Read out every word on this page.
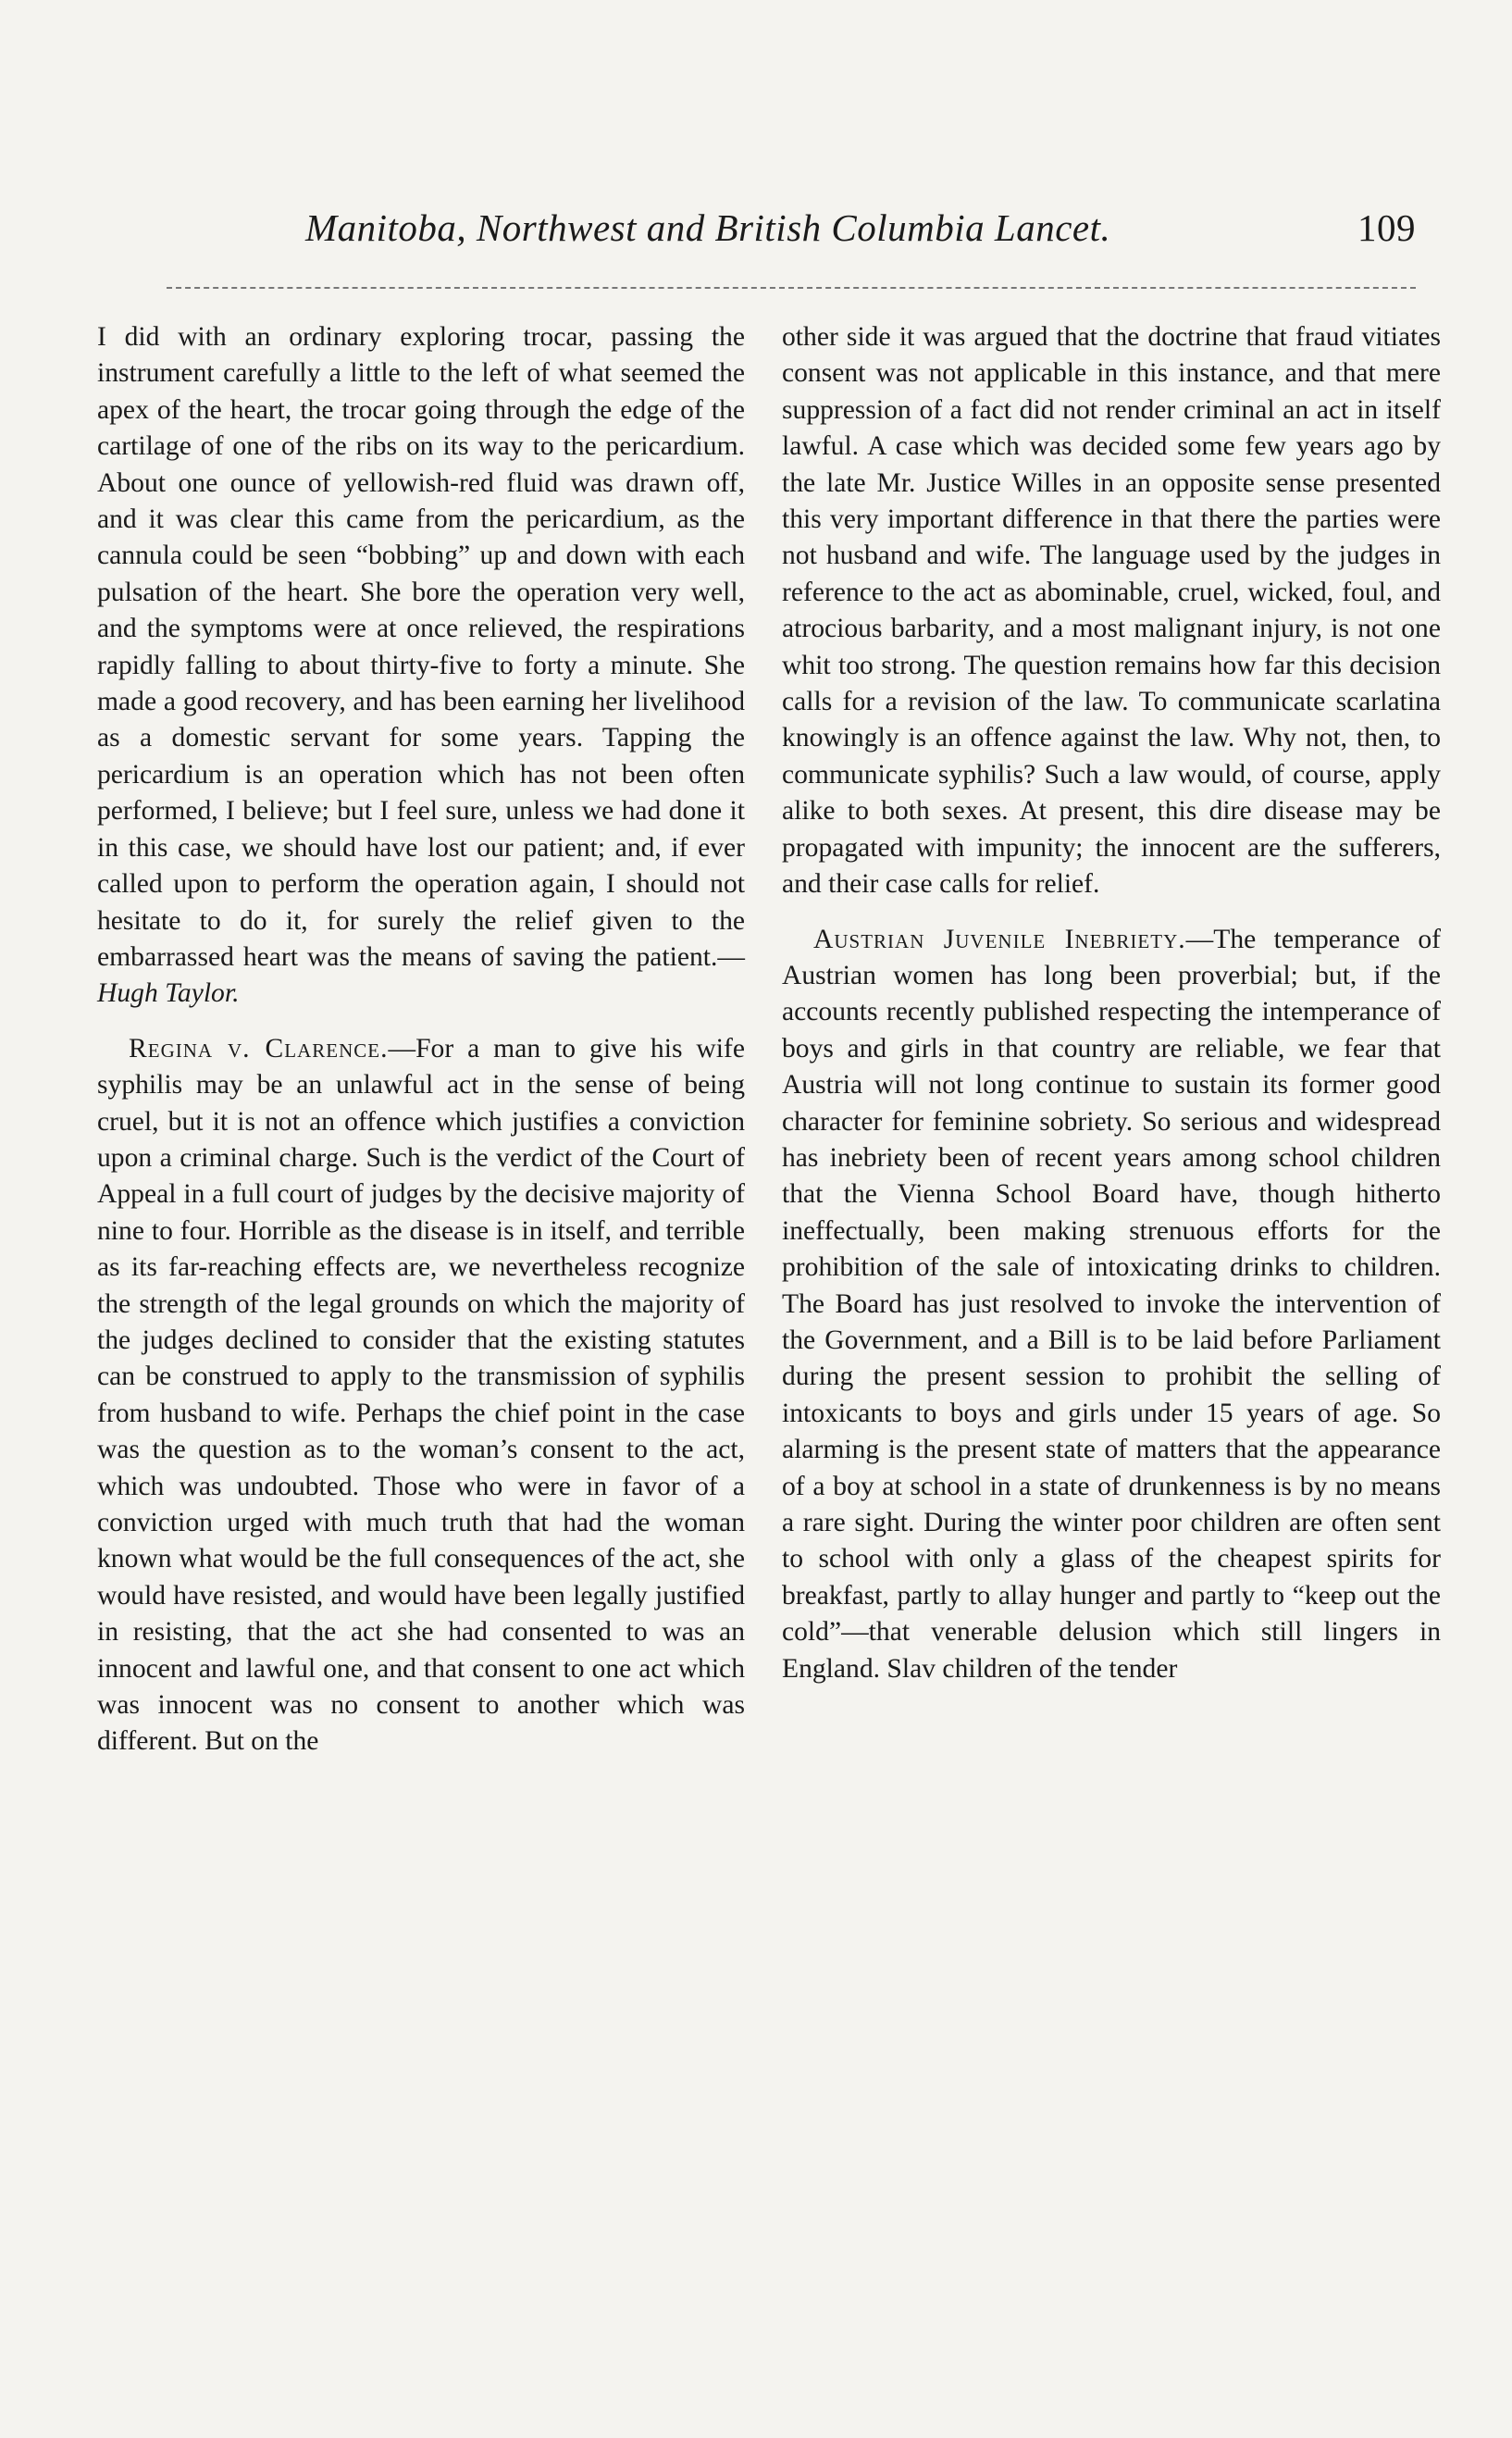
Manitoba, Northwest and British Columbia Lancet.	109

I did with an ordinary exploring trocar, passing the instrument carefully a little to the left of what seemed the apex of the heart, the trocar going through the edge of the cartilage of one of the ribs on its way to the pericardium. About one ounce of yellowish-red fluid was drawn off, and it was clear this came from the pericardium, as the cannula could be seen “bobbing” up and down with each pulsation of the heart. She bore the operation very well, and the symptoms were at once relieved, the respirations rapidly falling to about thirty-five to forty a minute. She made a good recovery, and has been earning her livelihood as a domestic servant for some years. Tapping the pericardium is an operation which has not been often performed, I believe; but I feel sure, unless we had done it in this case, we should have lost our patient; and, if ever called upon to perform the operation again, I should not hesitate to do it, for surely the relief given to the embarrassed heart was the means of saving the patient.—Hugh Taylor.

Regina v. Clarence.—For a man to give his wife syphilis may be an unlawful act in the sense of being cruel, but it is not an offence which justifies a conviction upon a criminal charge. Such is the verdict of the Court of Appeal in a full court of judges by the decisive majority of nine to four. Horrible as the disease is in itself, and terrible as its far-reaching effects are, we nevertheless recognize the strength of the legal grounds on which the majority of the judges declined to consider that the existing statutes can be construed to apply to the transmission of syphilis from husband to wife. Perhaps the chief point in the case was the question as to the woman’s consent to the act, which was undoubted. Those who were in favor of a conviction urged with much truth that had the woman known what would be the full consequences of the act, she would have resisted, and would have been legally justified in resisting, that the act she had consented to was an innocent and lawful one, and that consent to one act which was innocent was no consent to another which was different. But on the

other side it was argued that the doctrine that fraud vitiates consent was not applicable in this instance, and that mere suppression of a fact did not render criminal an act in itself lawful. A case which was decided some few years ago by the late Mr. Justice Willes in an opposite sense presented this very important difference in that there the parties were not husband and wife. The language used by the judges in reference to the act as abominable, cruel, wicked, foul, and atrocious barbarity, and a most malignant injury, is not one whit too strong. The question remains how far this decision calls for a revision of the law. To communicate scarlatina knowingly is an offence against the law. Why not, then, to communicate syphilis? Such a law would, of course, apply alike to both sexes. At present, this dire disease may be propagated with impunity; the innocent are the sufferers, and their case calls for relief.

Austrian Juvenile Inebriety.—The temperance of Austrian women has long been proverbial; but, if the accounts recently published respecting the intemperance of boys and girls in that country are reliable, we fear that Austria will not long continue to sustain its former good character for feminine sobriety. So serious and widespread has inebriety been of recent years among school children that the Vienna School Board have, though hitherto ineffectually, been making strenuous efforts for the prohibition of the sale of intoxicating drinks to children. The Board has just resolved to invoke the intervention of the Government, and a Bill is to be laid before Parliament during the present session to prohibit the selling of intoxicants to boys and girls under 15 years of age. So alarming is the present state of matters that the appearance of a boy at school in a state of drunkenness is by no means a rare sight. During the winter poor children are often sent to school with only a glass of the cheapest spirits for breakfast, partly to allay hunger and partly to “keep out the cold”—that venerable delusion which still lingers in England. Slav children of the tender
